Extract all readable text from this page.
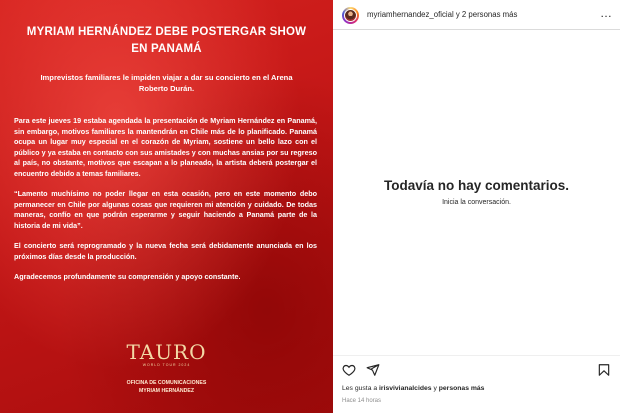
MYRIAM HERNÁNDEZ DEBE POSTERGAR SHOW EN PANAMÁ
Imprevistos familiares le impiden viajar a dar su concierto en el Arena Roberto Durán.

Para este jueves 19 estaba agendada la presentación de Myriam Hernández en Panamá, sin embargo, motivos familiares la mantendrán en Chile más de lo planificado. Panamá ocupa un lugar muy especial en el corazón de Myriam, sostiene un bello lazo con el público y ya estaba en contacto con sus amistades y con muchas ansias por su regreso al país, no obstante, motivos que escapan a lo planeado, la artista deberá postergar el encuentro debido a temas familiares.

“Lamento muchísimo no poder llegar en esta ocasión, pero en este momento debo permanecer en Chile por algunas cosas que requieren mi atención y cuidado. De todas maneras, confío en que podrán esperarme y seguir haciendo a Panamá parte de la historia de mi vida”.

El concierto será reprogramado y la nueva fecha será debidamente anunciada en los próximos días desde la producción.

Agradecemos profundamente su comprensión y apoyo constante.

TAURO
WORLD TOUR 2024
OFICINA DE COMUNICACIONES
MYRIAM HERNÁNDEZ
myriamhernandez_oficial y 2 personas más	…
Todavía no hay comentarios.
Inicia la conversación.
Les gusta a irisvivianalcides y personas más
Hace 14 horas
